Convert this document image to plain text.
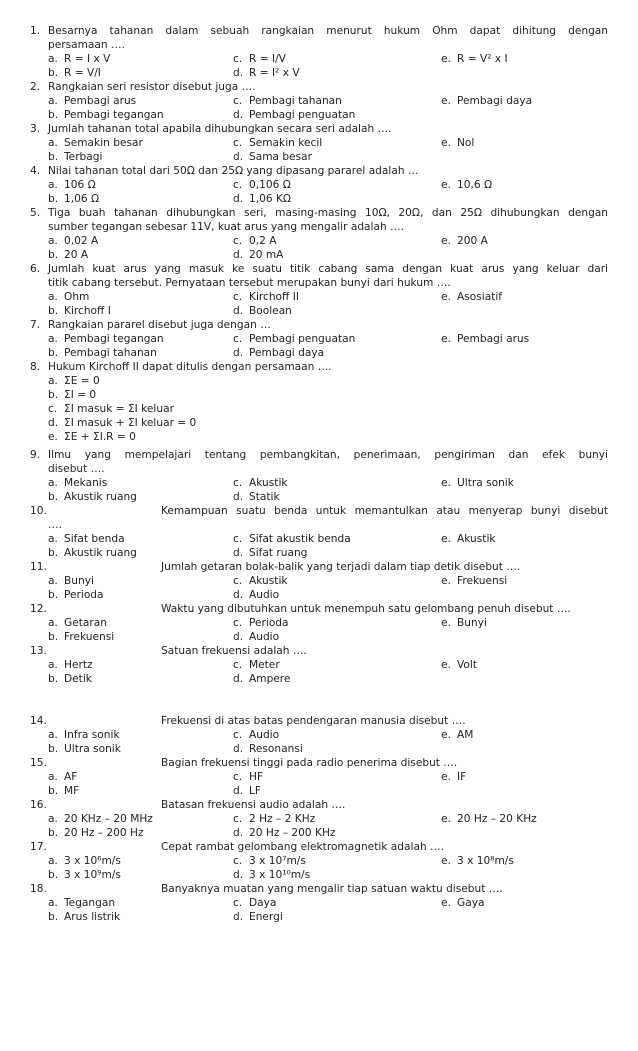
1. Besarnya tahanan dalam sebuah rangkaian menurut hukum Ohm dapat dihitung dengan
persamaan ….
a. R = I x V	c. R = I/V	e. R = V² x I
b. R = V/I	d. R = I² x V
2. Rangkaian seri resistor disebut juga ….
a. Pembagi arus	c. Pembagi tahanan	e. Pembagi daya
b. Pembagi tegangan	d. Pembagi penguatan
3. Jumlah tahanan total apabila dihubungkan secara seri adalah ….
a. Semakin besar	c. Semakin kecil	e. Nol
b. Terbagi	d. Sama besar
4. Nilai tahanan total dari 50Ω dan 25Ω yang dipasang pararel adalah …
a. 106 Ω	c. 0,106 Ω	e. 10,6 Ω
b. 1,06 Ω	d. 1,06 KΩ
5. Tiga buah tahanan dihubungkan seri, masing-masing 10Ω, 20Ω, dan 25Ω dihubungkan dengan
sumber tegangan sebesar 11V, kuat arus yang mengalir adalah ….
a. 0,02 A	c. 0,2 A	e. 200 A
b. 20 A	d. 20 mA
6. Jumlah kuat arus yang masuk ke suatu titik cabang sama dengan kuat arus yang keluar dari
titik cabang tersebut. Pernyataan tersebut merupakan bunyi dari hukum ….
a. Ohm	c. Kirchoff II	e. Asosiatif
b. Kirchoff I	d. Boolean
7. Rangkaian pararel disebut juga dengan …
a. Pembagi tegangan	c. Pembagi penguatan	e. Pembagi arus
b. Pembagi tahanan	d. Pembagi daya
8. Hukum Kirchoff II dapat ditulis dengan persamaan ….
a. ΣE = 0
b. ΣI = 0
c. ΣI masuk = ΣI keluar
d. ΣI masuk + ΣI keluar = 0
e. ΣE + ΣI.R = 0
9. Ilmu yang mempelajari tentang pembangkitan, penerimaan, pengiriman dan efek bunyi
disebut ….
a. Mekanis	c. Akustik	e. Ultra sonik
b. Akustik ruang	d. Statik
10.	Kemampuan suatu benda untuk memantulkan atau menyerap bunyi disebut
….
a. Sifat benda	c. Sifat akustik benda	e. Akustik
b. Akustik ruang	d. Sifat ruang
11.	Jumlah getaran bolak-balik yang terjadi dalam tiap detik disebut ….
a. Bunyi	c. Akustik	e. Frekuensi
b. Perioda	d. Audio
12.	Waktu yang dibutuhkan untuk menempuh satu gelombang penuh disebut ….
a. Getaran	c. Perioda	e. Bunyi
b. Frekuensi	d. Audio
13.	Satuan frekuensi adalah ….
a. Hertz	c. Meter	e. Volt
b. Detik	d. Ampere
14.	Frekuensi di atas batas pendengaran manusia disebut ….
a. Infra sonik	c. Audio	e. AM
b. Ultra sonik	d. Resonansi
15.	Bagian frekuensi tinggi pada radio penerima disebut ….
a. AF	c. HF	e. IF
b. MF	d. LF
16.	Batasan frekuensi audio adalah ….
a. 20 KHz – 20 MHz	c. 2 Hz – 2 KHz	e. 20 Hz – 20 KHz
b. 20 Hz – 200 Hz	d. 20 Hz – 200 KHz
17.	Cepat rambat gelombang elektromagnetik adalah ….
a. 3 x 10⁶m/s	c. 3 x 10⁷m/s	e. 3 x 10⁸m/s
b. 3 x 10⁹m/s	d. 3 x 10¹⁰m/s
18.	Banyaknya muatan yang mengalir tiap satuan waktu disebut ….
a. Tegangan	c. Daya	e. Gaya
b. Arus listrik	d. Energi
